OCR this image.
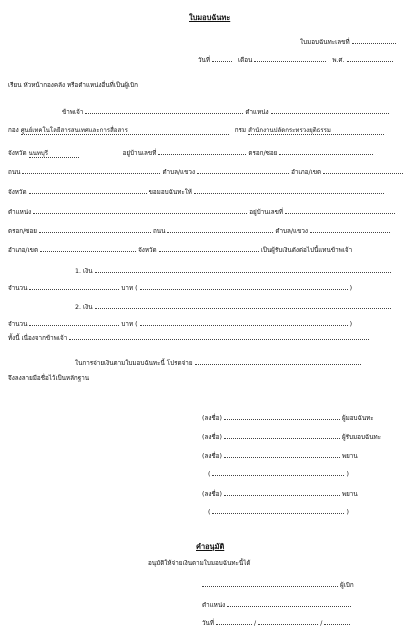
ใบมอบฉันทะ
ใบมอบฉันทะเลขที่
วันที่	เดือน	พ.ศ.
เรียน หัวหน้ากองคลัง หรือตำแหน่งอื่นที่เป็นผู้เบิก
ข้าพเจ้า	ตำแหน่ง
กอง ศูนย์เทคโนโลยีสารสนเทศและการสื่อสาร	กรม สำนักงานปลัดกระทรวงยุติธรรม
จังหวัด นนทบุรี	อยู่บ้านเลขที่	ตรอก/ซอย
ถนน	ตำบล/แขวง	อำเภอ/เขต
จังหวัด	ขอมอบฉันทะให้
ตำแหน่ง	อยู่บ้านเลขที่
ตรอก/ซอย	ถนน	ตำบล/แขวง
อำเภอ/เขต	จังหวัด	เป็นผู้รับเงินดังต่อไปนี้แทนข้าพเจ้า
1. เงิน
จำนวน	บาท (	)
2. เงิน
จำนวน	บาท (	)
ทั้งนี้ เนื่องจากข้าพเจ้า
ในการจ่ายเงินตามใบมอบฉันทะนี้ โปรดจ่าย
จึงลงลายมือชื่อไว้เป็นหลักฐาน
(ลงชื่อ)	ผู้มอบฉันทะ
(ลงชื่อ)	ผู้รับมอบฉันทะ
(ลงชื่อ)	พยาน
(	)
(ลงชื่อ)	พยาน
(	)
คำอนุมัติ
อนุมัติให้จ่ายเงินตามใบมอบฉันทะนี้ได้
ผู้เบิก
ตำแหน่ง
วันที่	/	/
